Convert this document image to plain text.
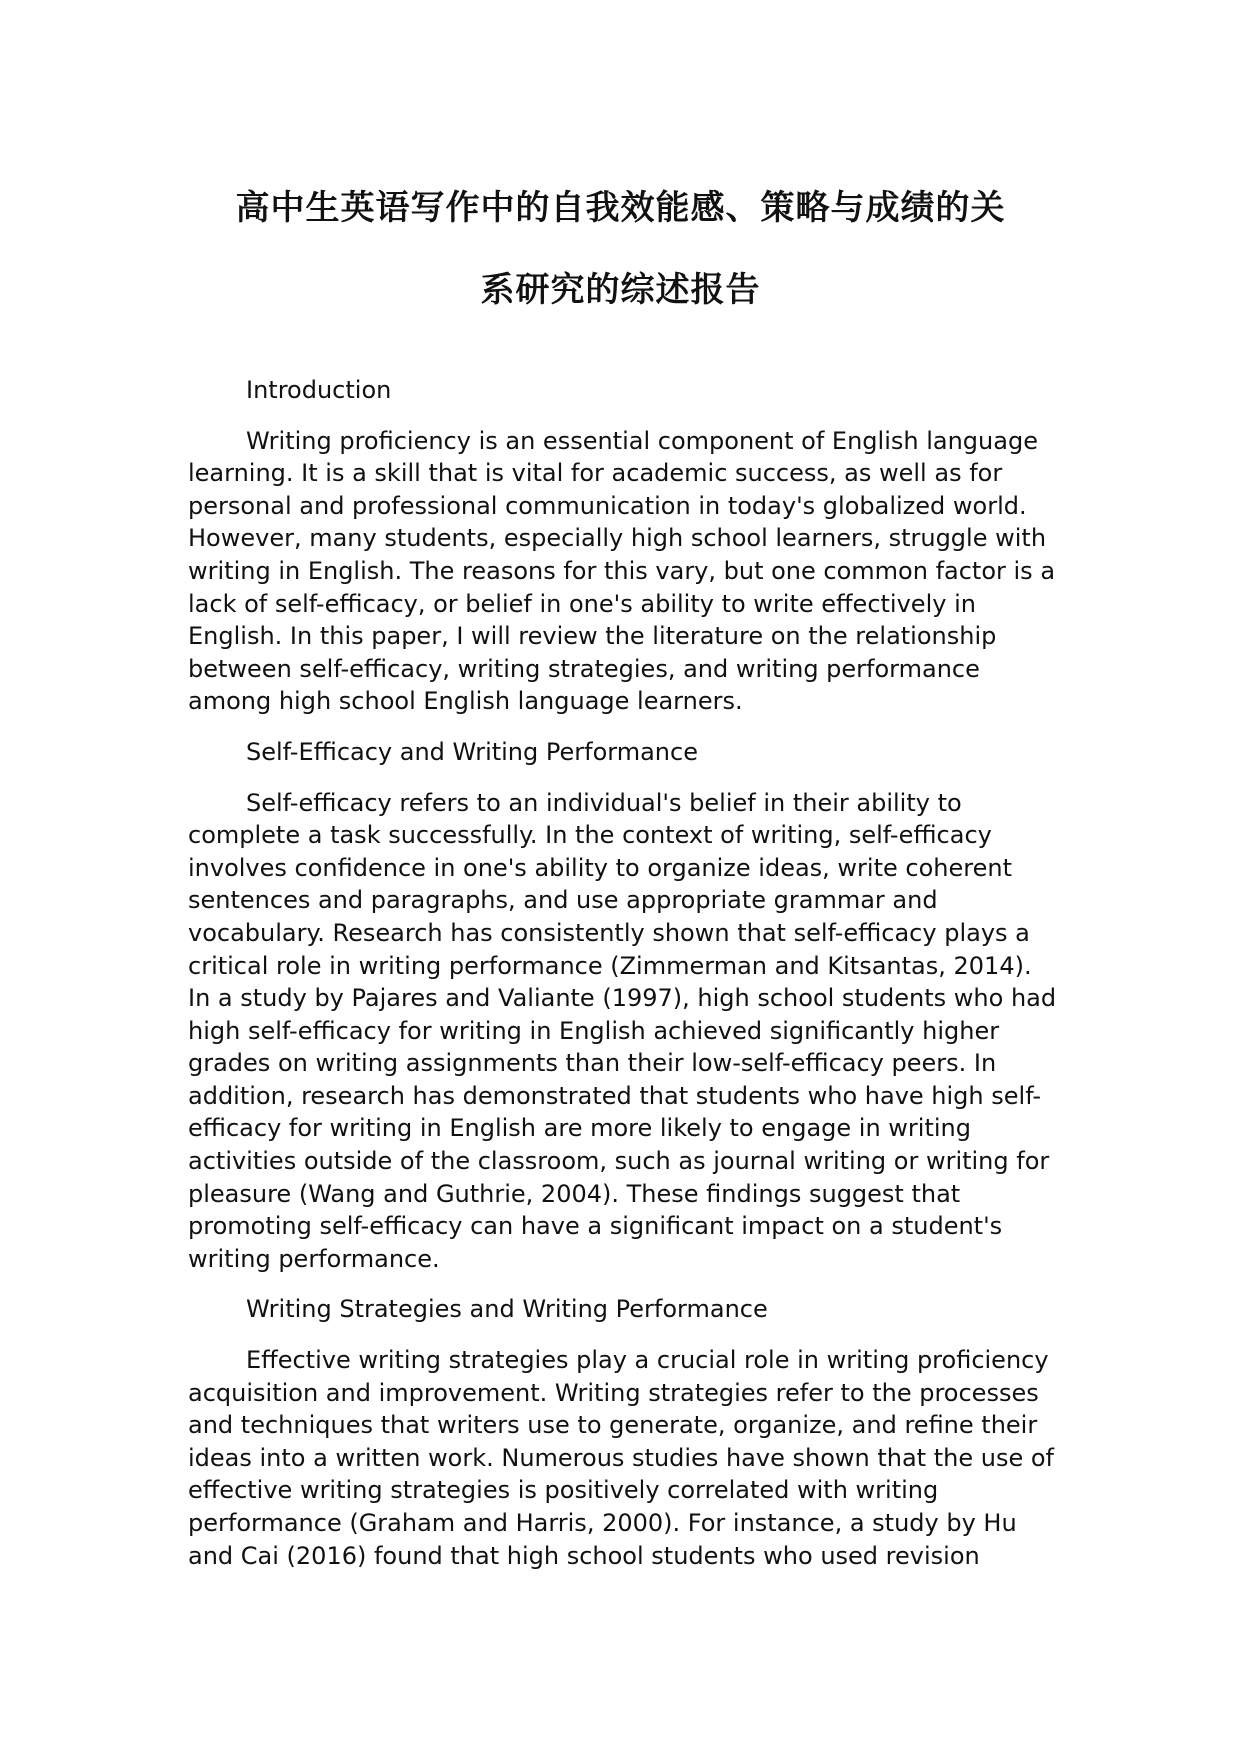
高中生英语写作中的自我效能感、策略与成绩的关
系研究的综述报告

Introduction

Writing proficiency is an essential component of English language learning. It is a skill that is vital for academic success, as well as for personal and professional communication in today's globalized world. However, many students, especially high school learners, struggle with writing in English. The reasons for this vary, but one common factor is a lack of self-efficacy, or belief in one's ability to write effectively in English. In this paper, I will review the literature on the relationship between self-efficacy, writing strategies, and writing performance among high school English language learners.

Self-Efficacy and Writing Performance

Self-efficacy refers to an individual's belief in their ability to complete a task successfully. In the context of writing, self-efficacy involves confidence in one's ability to organize ideas, write coherent sentences and paragraphs, and use appropriate grammar and vocabulary. Research has consistently shown that self-efficacy plays a critical role in writing performance (Zimmerman and Kitsantas, 2014). In a study by Pajares and Valiante (1997), high school students who had high self-efficacy for writing in English achieved significantly higher grades on writing assignments than their low-self-efficacy peers. In addition, research has demonstrated that students who have high self-efficacy for writing in English are more likely to engage in writing activities outside of the classroom, such as journal writing or writing for pleasure (Wang and Guthrie, 2004). These findings suggest that promoting self-efficacy can have a significant impact on a student's writing performance.

Writing Strategies and Writing Performance

Effective writing strategies play a crucial role in writing proficiency acquisition and improvement. Writing strategies refer to the processes and techniques that writers use to generate, organize, and refine their ideas into a written work. Numerous studies have shown that the use of effective writing strategies is positively correlated with writing performance (Graham and Harris, 2000). For instance, a study by Hu and Cai (2016) found that high school students who used revision
